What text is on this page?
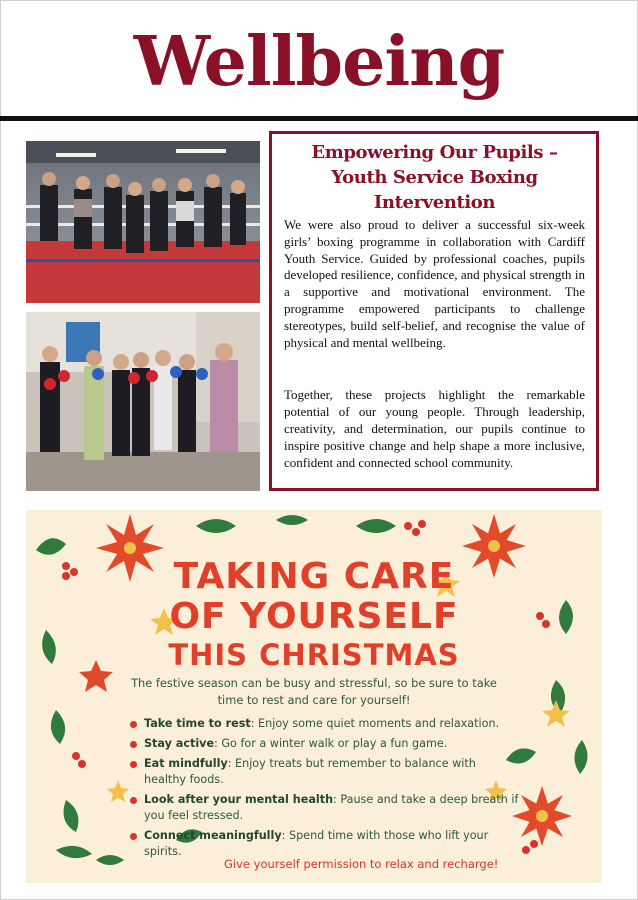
Wellbeing
Empowering Our Pupils – Youth Service Boxing Intervention

We were also proud to deliver a successful six-week girls’ boxing programme in collaboration with Cardiff Youth Service. Guided by professional coaches, pupils developed resilience, confidence, and physical strength in a supportive and motivational environment. The programme empowered participants to challenge stereotypes, build self-belief, and recognise the value of physical and mental wellbeing.

Together, these projects highlight the remarkable potential of our young people. Through leadership, creativity, and determination, our pupils continue to inspire positive change and help shape a more inclusive, confident and connected school community.

TAKING CARE
OF YOURSELF
THIS CHRISTMAS
The festive season can be busy and stressful, so be sure to take time to rest and care for yourself!
Take time to rest: Enjoy some quiet moments and relaxation.
Stay active: Go for a winter walk or play a fun game.
Eat mindfully: Enjoy treats but remember to balance with healthy foods.
Look after your mental health: Pause and take a deep breath if you feel stressed.
Connect meaningfully: Spend time with those who lift your spirits.
Give yourself permission to relax and recharge!
